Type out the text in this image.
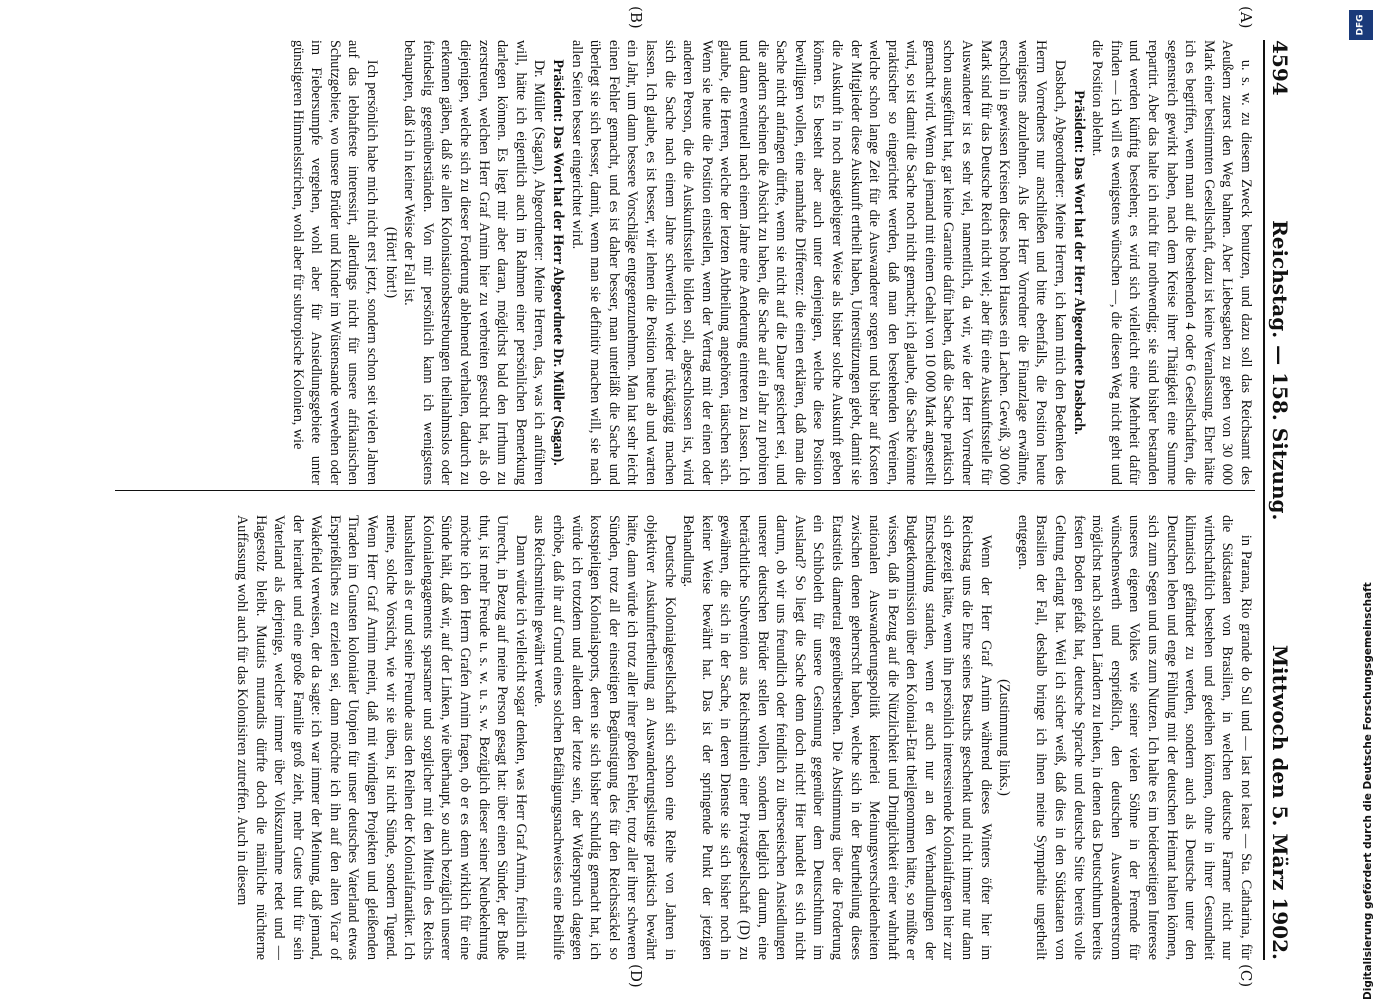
4594
Reichstag. — 158. Sitzung.
Mittwoch den 5. März 1902.
(A)
(B)
(C)
(D)

u. s. w. zu diesem Zweck benutzen, und dazu soll das Reichsamt des Aeußern zuerst den Weg bahnen. Aber Liebesgaben zu geben von 30 000 Mark einer bestimmten Gesellschaft, dazu ist keine Veranlassung. Eher hätte ich es begriffen, wenn man auf die bestehenden 4 oder 6 Gesellschaften, die segensreich gewirkt haben, nach dem Kreise ihrer Thätigkeit eine Summe repartirt. Aber das halte ich nicht für nothwendig; sie sind bisher bestanden und werden künftig bestehen; es wird sich vielleicht eine Mehrheit dafür finden — ich will es wenigstens wünschen —, die diesen Weg nicht geht und die Position ablehnt.

Präsident: Das Wort hat der Herr Abgeordnete Dasbach.

Dasbach, Abgeordneter: Meine Herren, ich kann mich den Bedenken des Herrn Vorredners nur anschließen und bitte ebenfalls, die Position heute wenigstens abzulehnen. Als der Herr Vorredner die Finanzlage erwähnte, erscholl in gewissen Kreisen dieses hohen Hauses ein Lachen. Gewiß, 30 000 Mark sind für das Deutsche Reich nicht viel; aber für eine Auskunftsstelle für Auswanderer ist es sehr viel, namentlich, da wir, wie der Herr Vorredner schon ausgeführt hat, gar keine Garantie dafür haben, daß die Sache praktisch gemacht wird. Wenn da jemand mit einem Gehalt von 10 000 Mark angestellt wird, so ist damit die Sache noch nicht gemacht; ich glaube, die Sache könnte praktischer so eingerichtet werden, daß man den bestehenden Vereinen, welche schon lange Zeit für die Auswanderer sorgen und bisher auf Kosten der Mitglieder diese Auskunft ertheilt haben, Unterstützungen giebt, damit sie die Auskunft in noch ausgiebigerer Weise als bisher solche Auskunft geben können. Es besteht aber auch unter denjenigen, welche diese Position bewilligen wollen, eine namhafte Differenz: die einen erklären, daß man die Sache nicht anfangen dürfte, wenn sie nicht auf die Dauer gesichert sei, und die andern scheinen die Absicht zu haben, die Sache auf ein Jahr zu probiren und dann eventuell nach einem Jahre eine Aenderung eintreten zu lassen. Ich glaube, die Herren, welche der letzten Abtheilung angehören, täuschen sich. Wenn sie heute die Position einstellen, wenn der Vertrag mit der einen oder anderen Person, die die Auskunftsstelle bilden soll, abgeschlossen ist, wird sich die Sache nach einem Jahre schwerlich wieder rückgängig machen lassen. Ich glaube, es ist besser, wir lehnen die Position heute ab und warten ein Jahr, um dann bessere Vorschläge entgegenzunehmen. Man hat sehr leicht einen Fehler gemacht, und es ist daher besser, man unterläßt die Sache und überlegt sie sich besser, damit, wenn man sie definitiv machen will, sie nach allen Seiten besser eingerichtet wird.

Präsident: Das Wort hat der Herr Abgeordnete Dr. Müller (Sagan).

Dr. Müller (Sagan), Abgeordneter: Meine Herren, das, was ich anführen will, hätte ich eigentlich auch im Rahmen einer persönlichen Bemerkung darlegen können. Es liegt mir aber daran, möglichst bald den Irrthum zu zerstreuen, welchen Herr Graf Arnim hier zu verbreiten gesucht hat, als ob diejenigen, welche sich zu dieser Forderung ablehnend verhalten, dadurch zu erkennen gäben, daß sie allen Kolonisationsbestrebungen theilnahmslos oder feindselig gegenüberständen. Von mir persönlich kann ich wenigstens behaupten, daß ich in keiner Weise der Fall ist.

(Hört! hört!)

Ich persönlich habe mich nicht erst jetzt, sondern schon seit vielen Jahren auf das lebhafteste interessirt, allerdings nicht für unsere afrikanischen Schutzgebiete, wo unsere Brüder und Kinder im Wüstensande verwehen oder im Fiebersumpfe vergehen, wohl aber für Ansiedlungsgebiete unter günstigeren Himmelsstrichen, wohl aber für subtropische Kolonien, wie

in Parana, Rio grande do Sul und — last not least — Sta. Catharina, für die Südstaaten von Brasilien, in welchen deutsche Farmer nicht nur wirthschaftlich bestehen und gedeihen können, ohne in ihrer Gesundheit klimatisch gefährdet zu werden, sondern auch als Deutsche unter den Deutschen leben und enge Fühlung mit der deutschen Heimat halten können, sich zum Segen und uns zum Nutzen. Ich halte es im beiderseitigen Interesse unseres eigenen Volkes wie seiner vielen Söhne in der Fremde für wünschenswerth und ersprießlich, den deutschen Auswandererstrom möglichst nach solchen Ländern zu lenken, in denen das Deutschthum bereits festen Boden gefaßt hat, deutsche Sprache und deutsche Sitte bereits volle Geltung erlangt hat. Weil ich sicher weiß, daß dies in den Südstaaten von Brasilien der Fall, deshalb bringe ich ihnen meine Sympathie ungetheilt entgegen.

(Zustimmung links.)

Wenn der Herr Graf Arnim während dieses Winters öfter hier im Reichstag uns die Ehre seines Besuchs geschenkt und nicht immer nur dann sich gezeigt hätte, wenn ihn persönlich interessirende Kolonialfragen hier zur Entscheidung standen, wenn er auch nur an den Verhandlungen der Budgetkommission über den Kolonial-Etat theilgenommen hätte, so müßte er wissen, daß in Bezug auf die Nützlichkeit und Dringlichkeit einer wahrhaft nationalen Auswanderungspolitik keinerlei Meinungsverschiedenheiten zwischen denen geherrscht haben, welche sich in der Beurtheilung dieses Etatstitels diametral gegenüberstehen. Die Abstimmung über die Forderung ein Schiboleth für unsere Gesinnung gegenüber dem Deutschthum im Ausland? So liegt die Sache denn doch nicht! Hier handelt es sich nicht darum, ob wir uns freundlich oder feindlich zu überseeischen Ansiedlungen unserer deutschen Brüder stellen wollen, sondern lediglich darum, eine beträchtliche Subvention aus Reichsmitteln einer Privatgesellschaft (D) zu gewähren, die sich in der Sache, in deren Dienste sie sich bisher noch in keiner Weise bewährt hat. Das ist der springende Punkt der jetzigen Behandlung.

Deutsche Kolonialgesellschaft sich schon eine Reihe von Jahren in objektiver Auskunftertheilung an Auswanderungslustige praktisch bewährt hätte, dann würde ich trotz aller ihrer großen Fehler, trotz aller ihrer schweren Sünden, trotz all der einseitigen Begünstigung des für den Reichssäckel so kostspieligen Kolonialsports, deren sie sich bisher schuldig gemacht hat, ich würde ich trotzdem und alledem der letzte sein, der Widerspruch dagegen erhöbe, daß ihr auf Grund eines solchen Befähigungsnachweises eine Beihilfe aus Reichsmitteln gewährt werde.

Dann würde ich vielleicht sogar denken, was Herr Graf Arnim, freilich mit Unrecht, in Bezug auf meine Person gesagt hat: über einen Sünder, der Buße thut, ist mehr Freude u. s. w. u. s. w. Bezüglich dieser seiner Neubekehrung möchte ich den Herrn Grafen Arnim fragen, ob er es denn wirklich für eine Sünde hält, daß wir, auf der Linken, wie überhaupt, so auch bezüglich unserer Kolonialengagements sparsamer und sorglicher mit den Mitteln des Reichs haushalten als er und seine Freunde aus den Reihen der Kolonialfanatiker. Ich meine, solche Vorsicht, wie wir sie üben, ist nicht Sünde, sondern Tugend. Wenn Herr Graf Arnim meint, daß mit windigen Projekten und gleißenden Tiraden im Gunsten kolonialer Utopien für unser deutsches Vaterland etwas Ersprießliches zu erzielen sei, dann möchte ich ihn auf den alten Vicar of Wakefield verweisen, der da sagte: ich war immer der Meinung, daß jemand, der heirathet und eine große Familie groß zieht, mehr Gutes thut für sein Vaterland als derjenige, welcher immer über Volkszunahme redet und — Hagestolz bleibt. Mutatis mutandis dürfte doch die nämliche nüchterne Auffassung wohl auch für das Kolonisiren zutreffen. Auch in diesem

DFG
Digitalisierung gefördert durch die Deutsche Forschungsgemeinschaft
